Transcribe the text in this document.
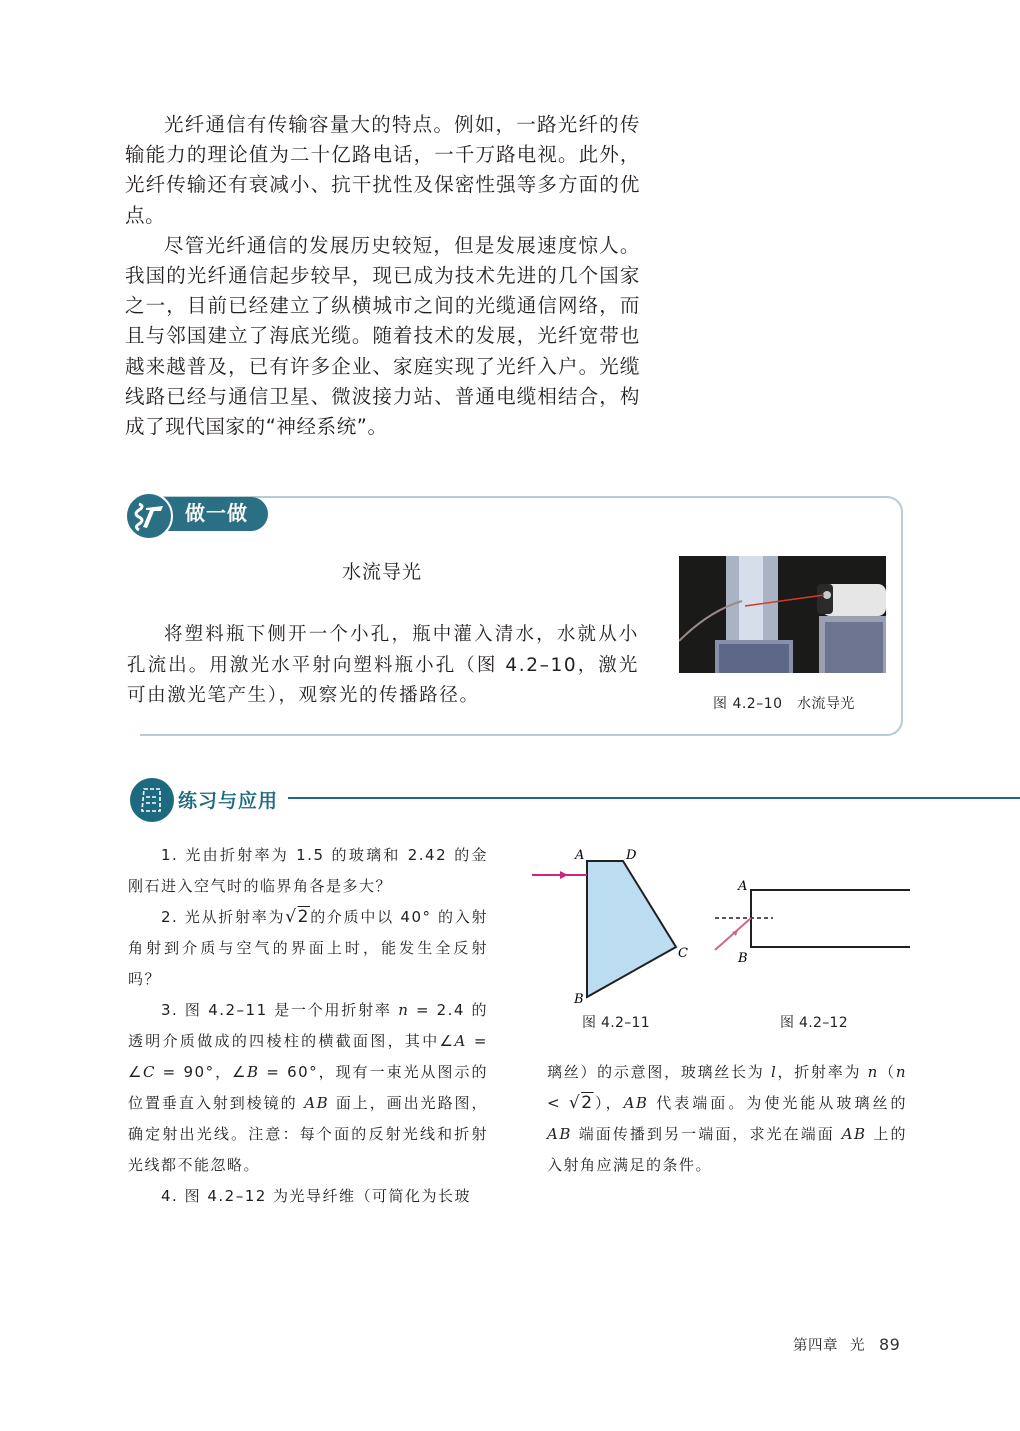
光纤通信有传输容量大的特点。例如，一路光纤的传输能力的理论值为二十亿路电话，一千万路电视。此外，光纤传输还有衰减小、抗干扰性及保密性强等多方面的优点。

尽管光纤通信的发展历史较短，但是发展速度惊人。我国的光纤通信起步较早，现已成为技术先进的几个国家之一，目前已经建立了纵横城市之间的光缆通信网络，而且与邻国建立了海底光缆。随着技术的发展，光纤宽带也越来越普及，已有许多企业、家庭实现了光纤入户。光缆线路已经与通信卫星、微波接力站、普通电缆相结合，构成了现代国家的“神经系统”。

做一做
水流导光

将塑料瓶下侧开一个小孔，瓶中灌入清水，水就从小孔流出。用激光水平射向塑料瓶小孔（图 4.2–10，激光可由激光笔产生），观察光的传播路径。	图 4.2–10　水流导光
练习与应用

1. 光由折射率为 1.5 的玻璃和 2.42 的金刚石进入空气时的临界角各是多大？

2. 光从折射率为√2的介质中以 40° 的入射角射到介质与空气的界面上时，能发生全反射吗？

3. 图 4.2–11 是一个用折射率 n = 2.4 的透明介质做成的四棱柱的横截面图，其中∠A = ∠C = 90°，∠B = 60°，现有一束光从图示的位置垂直入射到棱镜的 AB 面上，画出光路图，确定射出光线。注意：每个面的反射光线和折射光线都不能忽略。

4. 图 4.2–12 为光导纤维（可简化为长玻

A	D
C
B
图 4.2–11
A
B
图 4.2–12
璃丝）的示意图，玻璃丝长为 l，折射率为 n（n < √2），AB 代表端面。为使光能从玻璃丝的 AB 端面传播到另一端面，求光在端面 AB 上的入射角应满足的条件。
第四章 光 89
